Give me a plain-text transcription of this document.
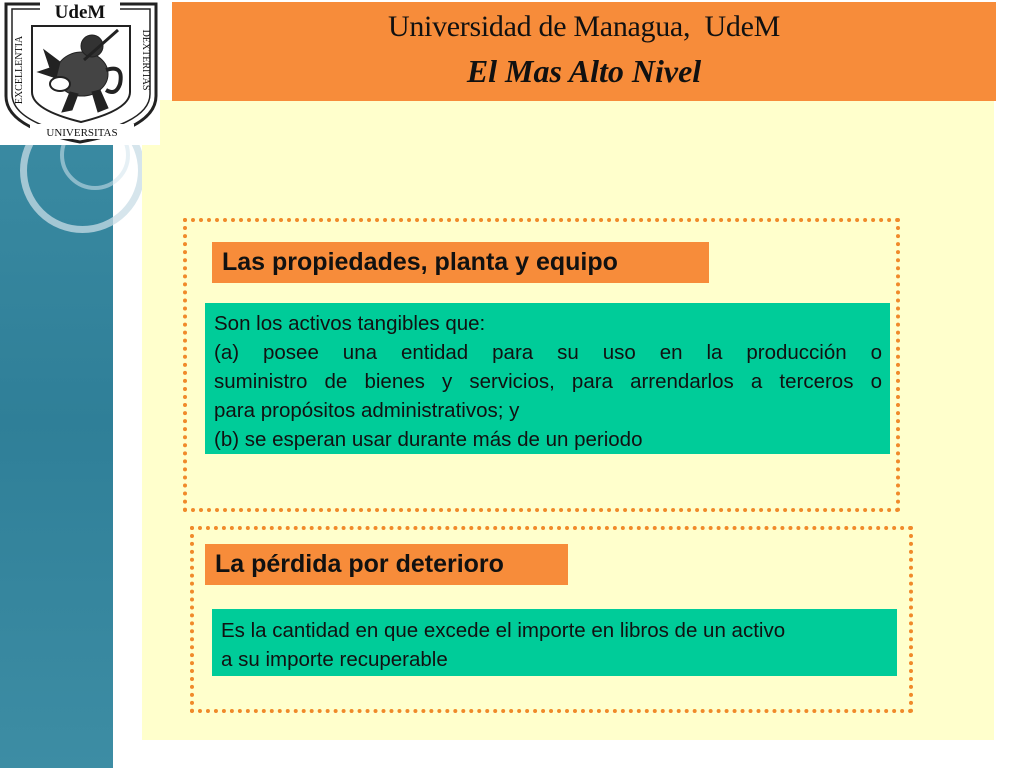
Universidad de Managua,  UdeM
El Mas Alto Nivel
UdeM
EXCELLENTIA	DEXTERITAS
UNIVERSITAS
Las propiedades, planta y equipo
Son los activos tangibles que:
(a) posee una entidad para su uso en la producción o
suministro de bienes y servicios, para arrendarlos a terceros o
para propósitos administrativos; y
(b) se esperan usar durante más de un periodo
La pérdida por deterioro
Es la cantidad en que excede el importe en libros de un activo
a su importe recuperable
